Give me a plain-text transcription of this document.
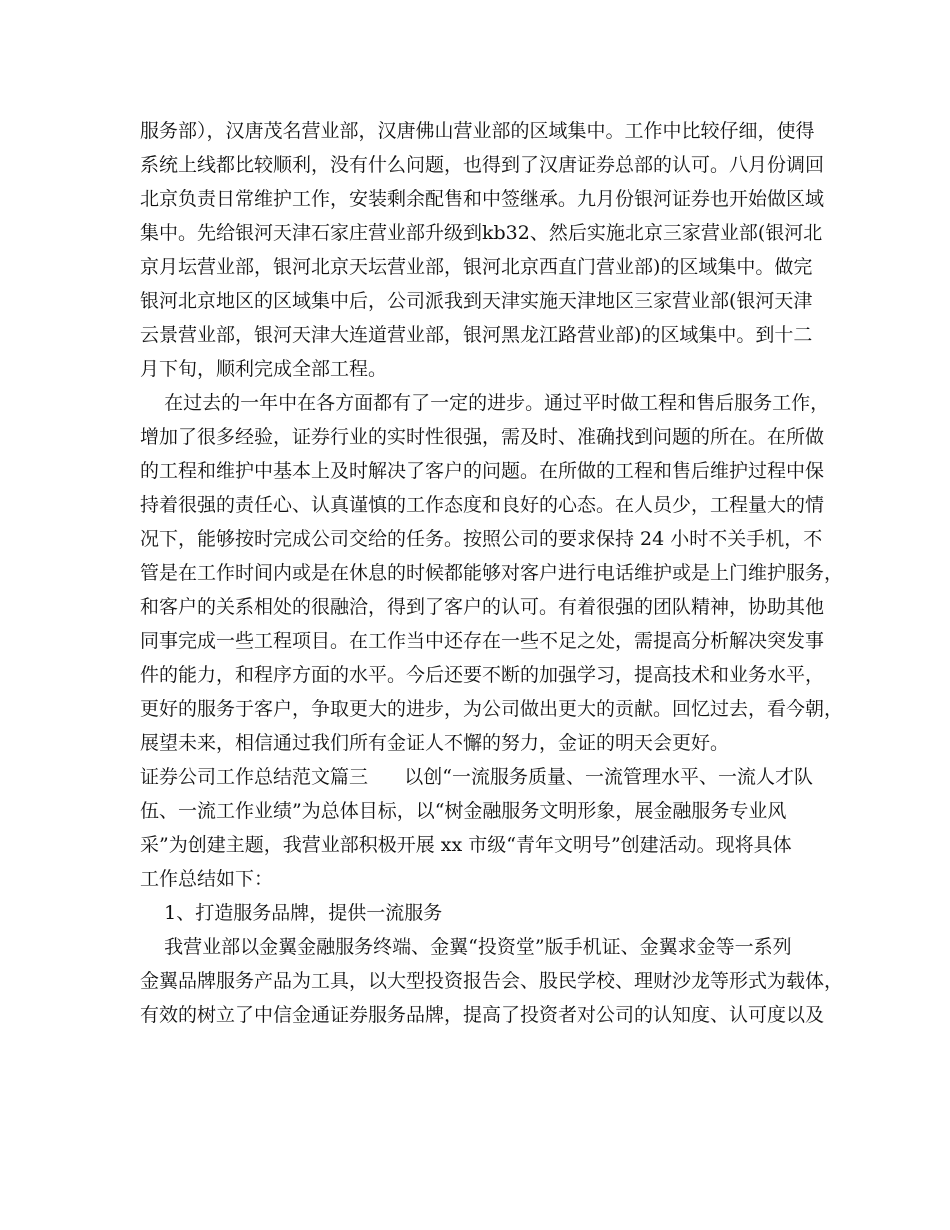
服务部），汉唐茂名营业部，汉唐佛山营业部的区域集中。工作中比较仔细，使得
系统上线都比较顺利，没有什么问题，也得到了汉唐证券总部的认可。八月份调回
北京负责日常维护工作，安装剩余配售和中签继承。九月份银河证券也开始做区域
集中。先给银河天津石家庄营业部升级到kb32、然后实施北京三家营业部(银河北
京月坛营业部，银河北京天坛营业部，银河北京西直门营业部)的区域集中。做完
银河北京地区的区域集中后，公司派我到天津实施天津地区三家营业部(银河天津
云景营业部，银河天津大连道营业部，银河黑龙江路营业部)的区域集中。到十二
月下旬，顺利完成全部工程。
在过去的一年中在各方面都有了一定的进步。通过平时做工程和售后服务工作，
增加了很多经验，证券行业的实时性很强，需及时、准确找到问题的所在。在所做
的工程和维护中基本上及时解决了客户的问题。在所做的工程和售后维护过程中保
持着很强的责任心、认真谨慎的工作态度和良好的心态。在人员少，工程量大的情
况下，能够按时完成公司交给的任务。按照公司的要求保持 24 小时不关手机，不
管是在工作时间内或是在休息的时候都能够对客户进行电话维护或是上门维护服务，
和客户的关系相处的很融洽，得到了客户的认可。有着很强的团队精神，协助其他
同事完成一些工程项目。在工作当中还存在一些不足之处，需提高分析解决突发事
件的能力，和程序方面的水平。今后还要不断的加强学习，提高技术和业务水平，
更好的服务于客户，争取更大的进步，为公司做出更大的贡献。回忆过去，看今朝，
展望未来，相信通过我们所有金证人不懈的努力，金证的明天会更好。
证券公司工作总结范文篇三      以创“一流服务质量、一流管理水平、一流人才队
伍、一流工作业绩”为总体目标，以“树金融服务文明形象，展金融服务专业风
采”为创建主题，我营业部积极开展 xx 市级“青年文明号”创建活动。现将具体
工作总结如下：
1、打造服务品牌，提供一流服务
我营业部以金翼金融服务终端、金翼“投资堂”版手机证、金翼求金等一系列
金翼品牌服务产品为工具，以大型投资报告会、股民学校、理财沙龙等形式为载体，
有效的树立了中信金通证券服务品牌，提高了投资者对公司的认知度、认可度以及
